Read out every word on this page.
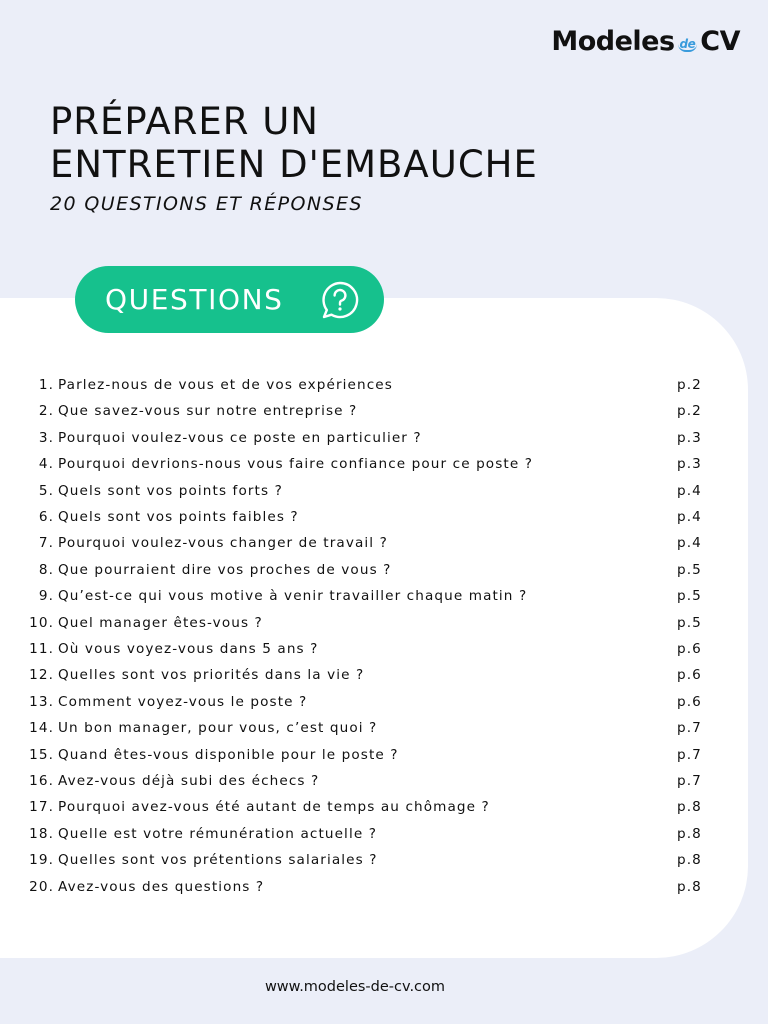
Modeles de CV
PRÉPARER UN
ENTRETIEN D'EMBAUCHE

20 QUESTIONS ET RÉPONSES

QUESTIONS
1. Parlez-nous de vous et de vos expériences	p.2
2. Que savez-vous sur notre entreprise ?	p.2
3. Pourquoi voulez-vous ce poste en particulier ?	p.3
4. Pourquoi devrions-nous vous faire confiance pour ce poste ?	p.3
5. Quels sont vos points forts ?	p.4
6. Quels sont vos points faibles ?	p.4
7. Pourquoi voulez-vous changer de travail ?	p.4
8. Que pourraient dire vos proches de vous ?	p.5
9. Qu’est-ce qui vous motive à venir travailler chaque matin ?	p.5
10. Quel manager êtes-vous ?	p.5
11. Où vous voyez-vous dans 5 ans ?	p.6
12. Quelles sont vos priorités dans la vie ?	p.6
13. Comment voyez-vous le poste ?	p.6
14. Un bon manager, pour vous, c’est quoi ?	p.7
15. Quand êtes-vous disponible pour le poste ?	p.7
16. Avez-vous déjà subi des échecs ?	p.7
17. Pourquoi avez-vous été autant de temps au chômage ?	p.8
18. Quelle est votre rémunération actuelle ?	p.8
19. Quelles sont vos prétentions salariales ?	p.8
20. Avez-vous des questions ?	p.8
www.modeles-de-cv.com
